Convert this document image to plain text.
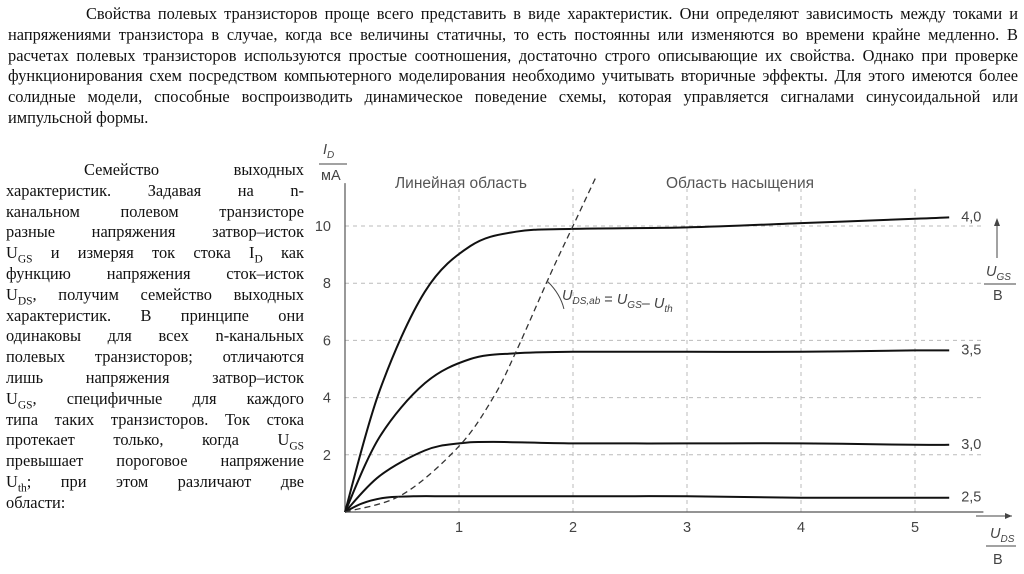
Свойства полевых транзисторов проще всего представить в виде характеристик. Они определяют зависимость между токами и напряжениями транзистора в случае, когда все величины статичны, то есть постоянны или изменяются во времени крайне медленно. В расчетах полевых транзисторов используются простые соотношения, достаточно строго описывающие их свойства. Однако при проверке функционирования схем посредством компьютерного моделирования необходимо учитывать вторичные эффекты. Для этого имеются более солидные модели, способные воспроизводить динамическое поведение схемы, которая управляется сигналами синусоидальной или импульсной формы.

Семейство выходных
характеристик. Задавая на n-
канальном полевом транзисторе
разные напряжения затвор–исток
$U_{GS}$ и измеряя ток стока $I_D$ как
функцию напряжения сток–исток
$U_{DS}$, получим семейство выходных
характеристик. В принципе они
одинаковы для всех n-канальных
полевых транзисторов; отличаются
лишь напряжения затвор–исток
$U_{GS}$, специфичные для каждого
типа таких транзисторов. Ток стока
протекает только, когда $U_{GS}$
превышает пороговое напряжение
$U_{th}$; при этом различают две
области:
1	2	3	4	5
2
4
6
8
10
$I_D$
мА
$U_{DS}$
В
$U_{GS}$
В
Линейная область	Область насыщения
4,0
3,5
3,0
2,5
$U_{DS,ab} = U_{GS}-$ $U_{th}$
